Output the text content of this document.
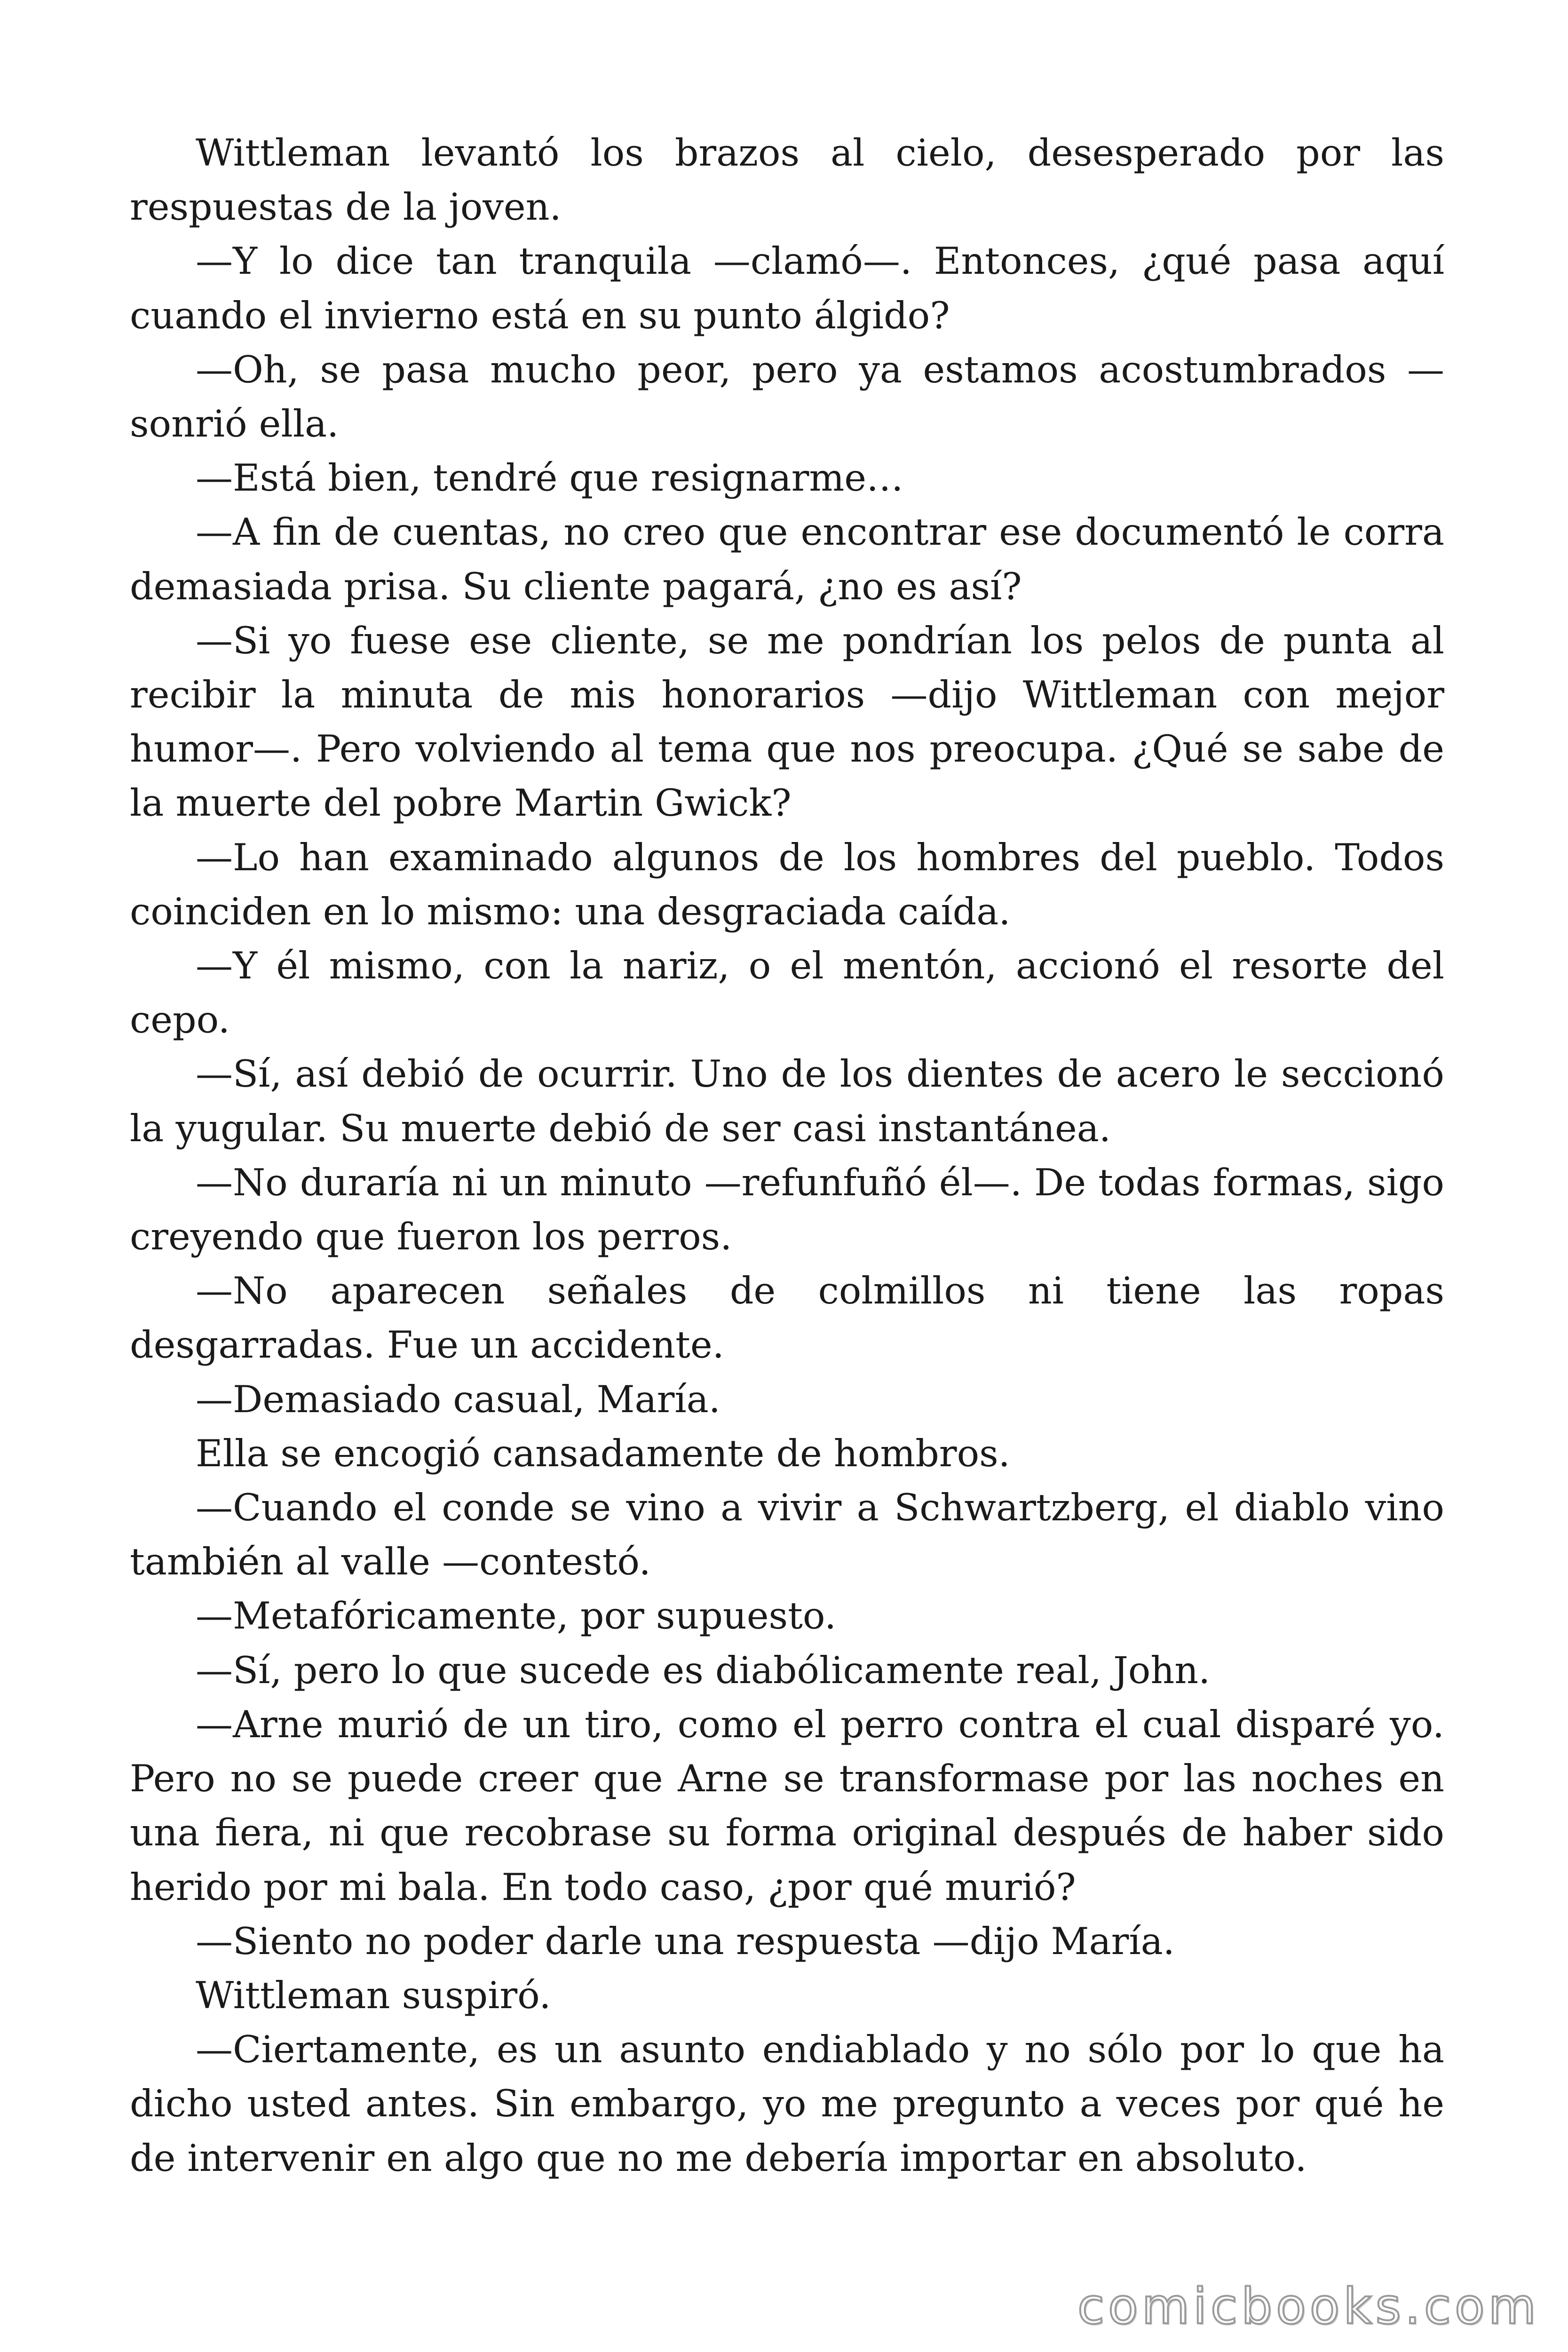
Wittleman levantó los brazos al cielo, desesperado por las respuestas de la joven.

—Y lo dice tan tranquila —clamó—. Entonces, ¿qué pasa aquí cuando el invierno está en su punto álgido?

—Oh, se pasa mucho peor, pero ya estamos acostumbrados — sonrió ella.

—Está bien, tendré que resignarme…

—A fin de cuentas, no creo que encontrar ese documentó le corra demasiada prisa. Su cliente pagará, ¿no es así?

—Si yo fuese ese cliente, se me pondrían los pelos de punta al recibir la minuta de mis honorarios —dijo Wittleman con mejor humor—. Pero volviendo al tema que nos preocupa. ¿Qué se sabe de la muerte del pobre Martin Gwick?

—Lo han examinado algunos de los hombres del pueblo. Todos coinciden en lo mismo: una desgraciada caída.

—Y él mismo, con la nariz, o el mentón, accionó el resorte del cepo.

—Sí, así debió de ocurrir. Uno de los dientes de acero le seccionó la yugular. Su muerte debió de ser casi instantánea.

—No duraría ni un minuto —refunfuñó él—. De todas formas, sigo creyendo que fueron los perros.

—No aparecen señales de colmillos ni tiene las ropas desgarradas. Fue un accidente.

—Demasiado casual, María.

Ella se encogió cansadamente de hombros.

—Cuando el conde se vino a vivir a Schwartzberg, el diablo vino también al valle —contestó.

—Metafóricamente, por supuesto.

—Sí, pero lo que sucede es diabólicamente real, John.

—Arne murió de un tiro, como el perro contra el cual disparé yo. Pero no se puede creer que Arne se transformase por las noches en una fiera, ni que recobrase su forma original después de haber sido herido por mi bala. En todo caso, ¿por qué murió?

—Siento no poder darle una respuesta —dijo María.

Wittleman suspiró.

—Ciertamente, es un asunto endiablado y no sólo por lo que ha dicho usted antes. Sin embargo, yo me pregunto a veces por qué he de intervenir en algo que no me debería importar en absoluto.

comicbooks.com
